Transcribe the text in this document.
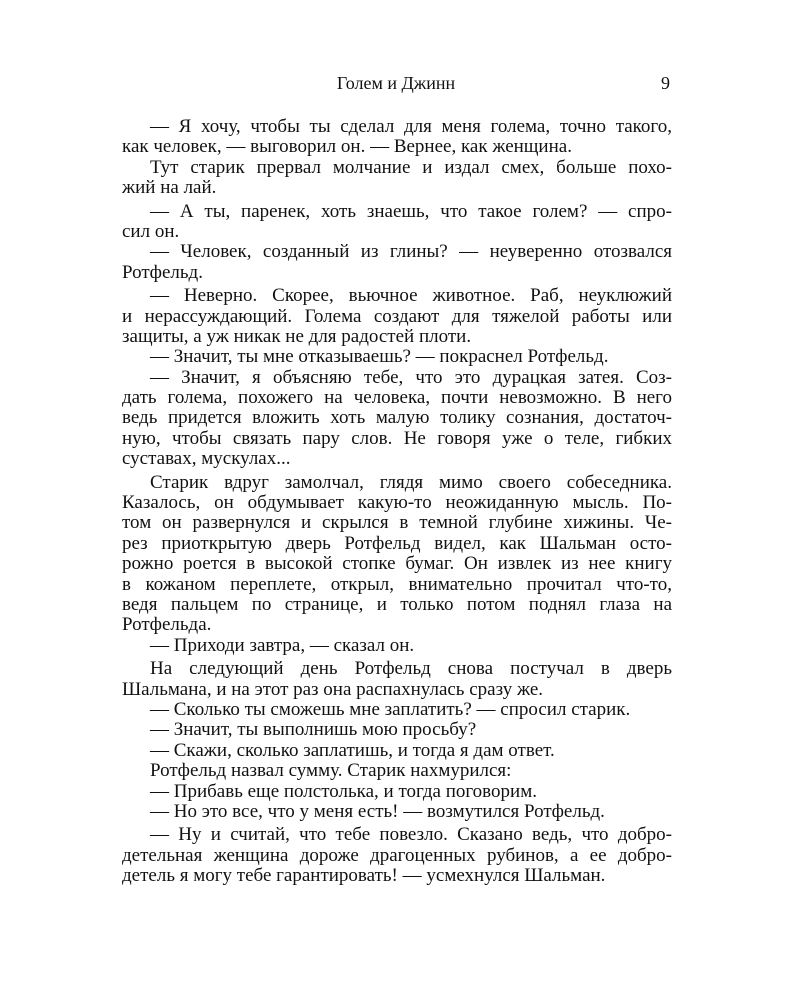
Голем и Джинн	9
— Я хочу, чтобы ты сделал для меня голема, точно такого,
как человек, — выговорил он. — Вернее, как женщина.
Тут старик прервал молчание и издал смех, больше похо-
жий на лай.
— А ты, паренек, хоть знаешь, что такое голем? — спро-
сил он.
— Человек, созданный из глины? — неуверенно отозвался
Ротфельд.
— Неверно. Скорее, вьючное животное. Раб, неуклюжий
и нерассуждающий. Голема создают для тяжелой работы или
защиты, а уж никак не для радостей плоти.
— Значит, ты мне отказываешь? — покраснел Ротфельд.
— Значит, я объясняю тебе, что это дурацкая затея. Соз-
дать голема, похожего на человека, почти невозможно. В него
ведь придется вложить хоть малую толику сознания, достаточ-
ную, чтобы связать пару слов. Не говоря уже о теле, гибких
суставах, мускулах...
Старик вдруг замолчал, глядя мимо своего собеседника.
Казалось, он обдумывает какую-то неожиданную мысль. По-
том он развернулся и скрылся в темной глубине хижины. Че-
рез приоткрытую дверь Ротфельд видел, как Шальман осто-
рожно роется в высокой стопке бумаг. Он извлек из нее книгу
в кожаном переплете, открыл, внимательно прочитал что-то,
ведя пальцем по странице, и только потом поднял глаза на
Ротфельда.
— Приходи завтра, — сказал он.
На следующий день Ротфельд снова постучал в дверь
Шальмана, и на этот раз она распахнулась сразу же.
— Сколько ты сможешь мне заплатить? — спросил старик.
— Значит, ты выполнишь мою просьбу?
— Скажи, сколько заплатишь, и тогда я дам ответ.
Ротфельд назвал сумму. Старик нахмурился:
— Прибавь еще полстолька, и тогда поговорим.
— Но это все, что у меня есть! — возмутился Ротфельд.
— Ну и считай, что тебе повезло. Сказано ведь, что добро-
детельная женщина дороже драгоценных рубинов, а ее добро-
детель я могу тебе гарантировать! — усмехнулся Шальман.
